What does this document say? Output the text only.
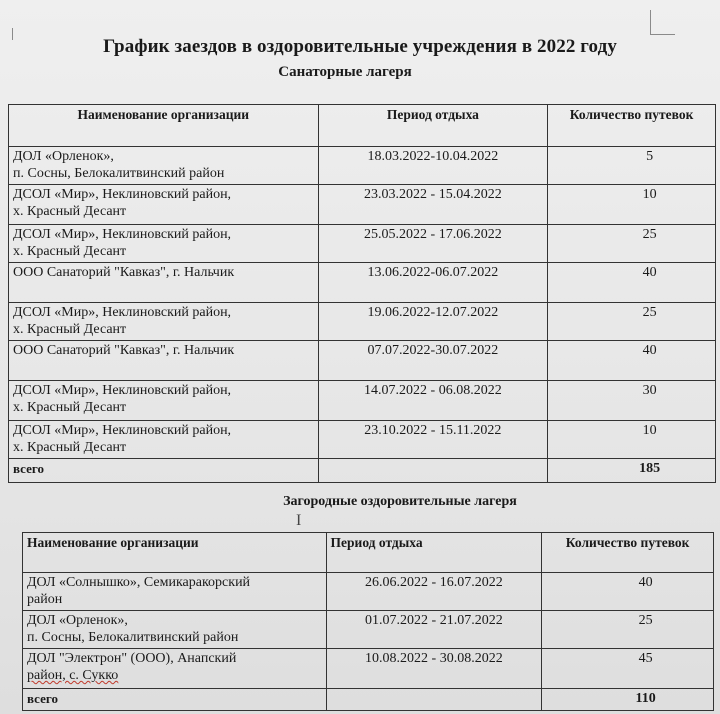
График заездов в оздоровительные учреждения в 2022 году
Санаторные лагеря
Наименование организации	Период отдыха	Количество путевок

ДОЛ «Орленок»,
п. Сосны, Белокалитвинский район	18.03.2022-10.04.2022	5

ДСОЛ «Мир», Неклиновский район,
х. Красный Десант	23.03.2022 - 15.04.2022	10

ДСОЛ «Мир», Неклиновский район,
х. Красный Десант	25.05.2022 - 17.06.2022	25

ООО Санаторий "Кавказ", г. Нальчик	13.06.2022-06.07.2022	40

ДСОЛ «Мир», Неклиновский район,
х. Красный Десант	19.06.2022-12.07.2022	25

ООО Санаторий "Кавказ", г. Нальчик	07.07.2022-30.07.2022	40

ДСОЛ «Мир», Неклиновский район,
х. Красный Десант	14.07.2022 - 06.08.2022	30

ДСОЛ «Мир», Неклиновский район,
х. Красный Десант	23.10.2022 - 15.11.2022	10
всего		185
Загородные оздоровительные лагеря
I
Наименование организации	Период отдыха	Количество путевок

ДОЛ «Солнышко», Семикаракорский
район	26.06.2022 - 16.07.2022	40

ДОЛ «Орленок»,
п. Сосны, Белокалитвинский район	01.07.2022 - 21.07.2022	25

ДОЛ "Электрон" (ООО), Анапский
район, с. Сукко	10.08.2022 - 30.08.2022	45
всего		110
